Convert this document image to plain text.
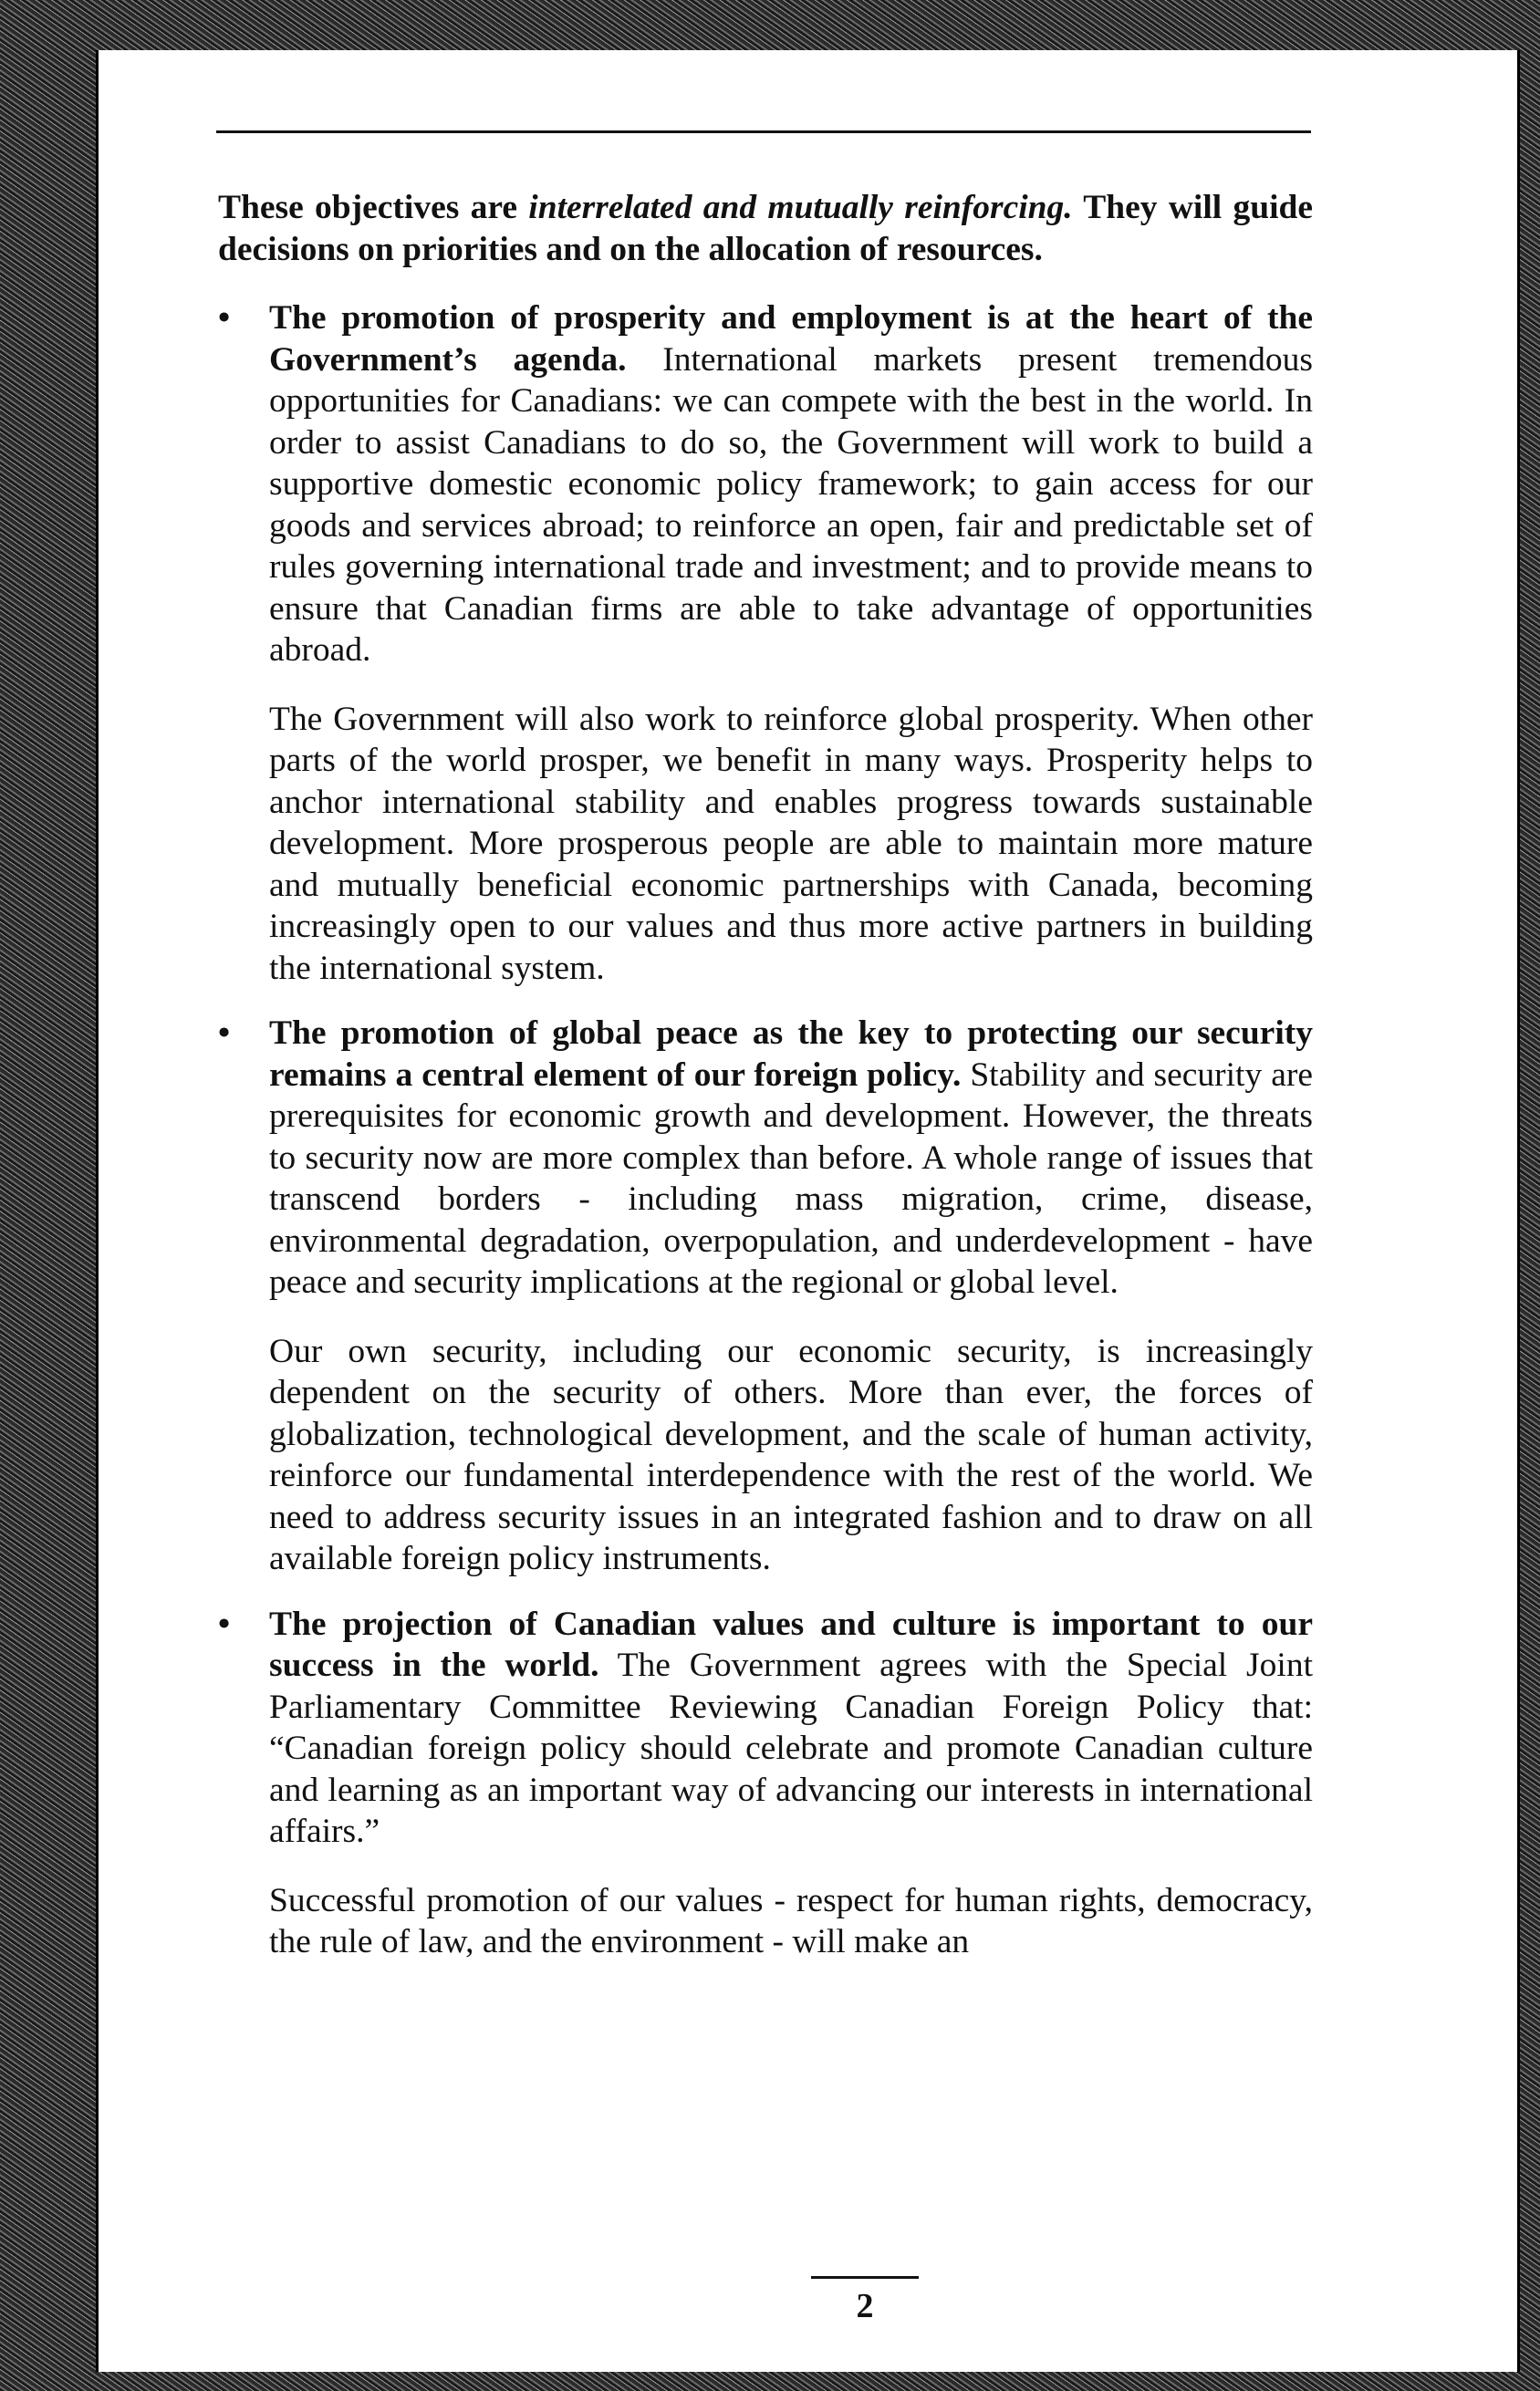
These objectives are interrelated and mutually reinforcing. They will guide decisions on priorities and on the allocation of resources.

•	The promotion of prosperity and employment is at the heart of the Government’s agenda. International markets present tremendous opportunities for Canadians: we can compete with the best in the world. In order to assist Canadians to do so, the Government will work to build a supportive domestic economic policy framework; to gain access for our goods and services abroad; to reinforce an open, fair and predictable set of rules governing international trade and investment; and to provide means to ensure that Canadian firms are able to take advantage of opportunities abroad.

The Government will also work to reinforce global prosperity. When other parts of the world prosper, we benefit in many ways. Prosperity helps to anchor international stability and enables progress towards sustainable development. More prosperous people are able to maintain more mature and mutually beneficial economic partnerships with Canada, becoming increasingly open to our values and thus more active partners in building the international system.

•	The promotion of global peace as the key to protecting our security remains a central element of our foreign policy. Stability and security are prerequisites for economic growth and development. However, the threats to security now are more complex than before. A whole range of issues that transcend borders - including mass migration, crime, disease, environmental degradation, overpopulation, and underdevelopment - have peace and security implications at the regional or global level.

Our own security, including our economic security, is increasingly dependent on the security of others. More than ever, the forces of globalization, technological development, and the scale of human activity, reinforce our fundamental interdependence with the rest of the world. We need to address security issues in an integrated fashion and to draw on all available foreign policy instruments.

•	The projection of Canadian values and culture is important to our success in the world. The Government agrees with the Special Joint Parliamentary Committee Reviewing Canadian Foreign Policy that: “Canadian foreign policy should celebrate and promote Canadian culture and learning as an important way of advancing our interests in international affairs.”

Successful promotion of our values - respect for human rights, democracy, the rule of law, and the environment - will make an

2
